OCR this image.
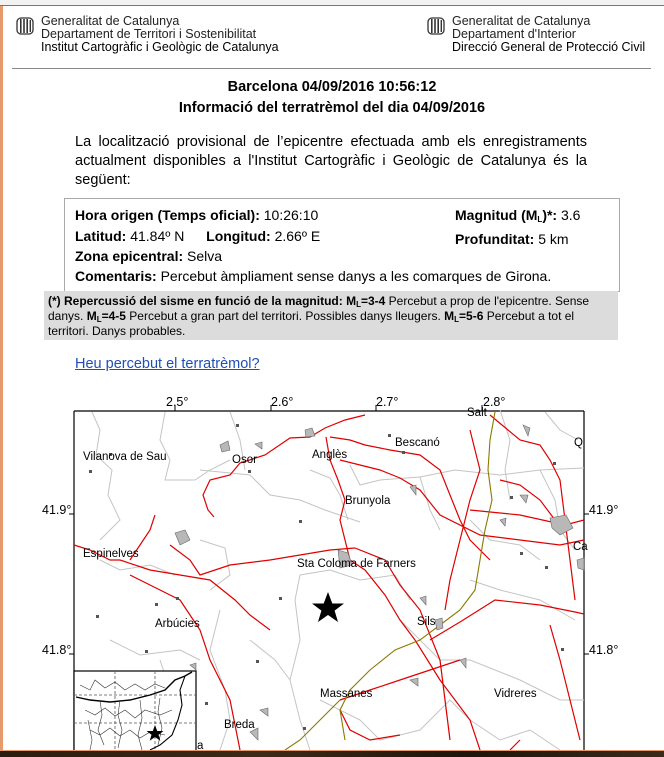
Generalitat de Catalunya
Departament de Territori i Sostenibilitat
Institut Cartogràfic i Geològic de Catalunya
Generalitat de Catalunya
Departament d'Interior
Direcció General de Protecció Civil
Barcelona 04/09/2016 10:56:12
Informació del terratrèmol del dia 04/09/2016
La localització provisional de l’epicentre efectuada amb els enregistraments actualment disponibles a l'Institut Cartogràfic i Geològic de Catalunya és la següent:
Hora origen (Temps oficial): 10:26:10	Magnitud $(M_L)*$: 3.6
Latitud: 41.84º N Longitud: 2.66º E	Profunditat: 5 km
Zona epicentral: Selva
Comentaris: Percebut àmpliament sense danys a les comarques de Girona.
(*) Repercussió del sisme en funció de la magnitud: $M_L=3-4$ Percebut a prop de l'epicentre. Sense danys. $M_L=4-5$ Percebut a gran part del territori. Possibles danys lleugers. $M_L=5-6$ Percebut a tot el territori. Danys probables.
Heu percebut el terratrèmol?
2.5°	2.6°	2.7°	2.8°
41.9°	41.9°
41.8°	41.8°
Vilanova de Sau	Osor	Anglès
Bescanó
Salt
Brunyola
Espinelves
Sta Coloma de Farners
Arbúcies	Sils
Massanes	Vidreres
Breda
Q
Ca
a
